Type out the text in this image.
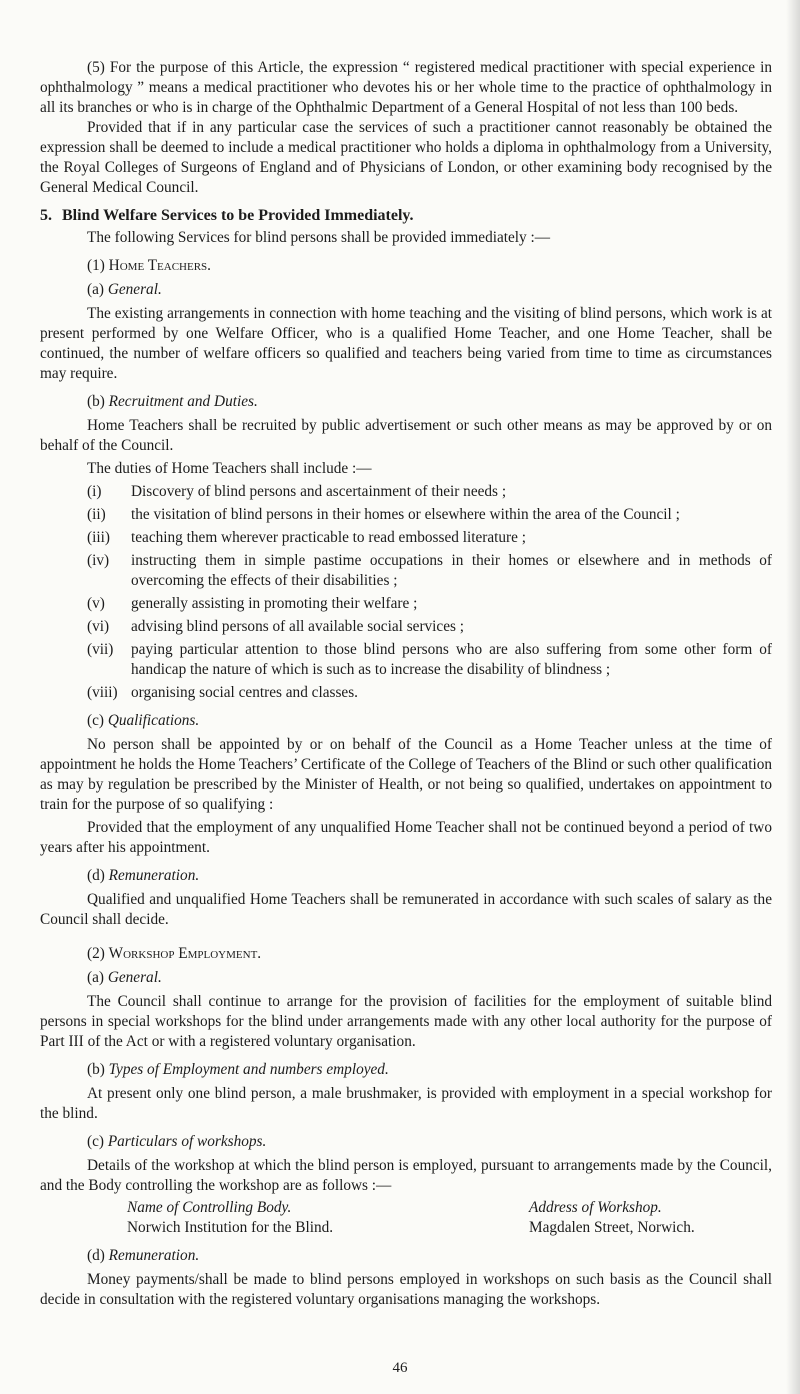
(5) For the purpose of this Article, the expression “ registered medical practitioner with special experience in ophthalmology ” means a medical practitioner who devotes his or her whole time to the practice of ophthalmology in all its branches or who is in charge of the Ophthalmic Department of a General Hospital of not less than 100 beds.

Provided that if in any particular case the services of such a practitioner cannot reasonably be obtained the expression shall be deemed to include a medical practitioner who holds a diploma in ophthalmology from a University, the Royal Colleges of Surgeons of England and of Physicians of London, or other examining body recognised by the General Medical Council.

5. Blind Welfare Services to be Provided Immediately.

The following Services for blind persons shall be provided immediately :—

(1) Home Teachers.

(a) General.

The existing arrangements in connection with home teaching and the visiting of blind persons, which work is at present performed by one Welfare Officer, who is a qualified Home Teacher, and one Home Teacher, shall be continued, the number of welfare officers so qualified and teachers being varied from time to time as circumstances may require.

(b) Recruitment and Duties.

Home Teachers shall be recruited by public advertisement or such other means as may be approved by or on behalf of the Council.

The duties of Home Teachers shall include :—

(i)	Discovery of blind persons and ascertainment of their needs ;
(ii)	the visitation of blind persons in their homes or elsewhere within the area of the Council ;
(iii)	teaching them wherever practicable to read embossed literature ;
(iv)	instructing them in simple pastime occupations in their homes or elsewhere and in methods of overcoming the effects of their disabilities ;
(v)	generally assisting in promoting their welfare ;
(vi)	advising blind persons of all available social services ;
(vii)	paying particular attention to those blind persons who are also suffering from some other form of handicap the nature of which is such as to increase the disability of blindness ;
(viii) organising social centres and classes.

(c) Qualifications.

No person shall be appointed by or on behalf of the Council as a Home Teacher unless at the time of appointment he holds the Home Teachers’ Certificate of the College of Teachers of the Blind or such other qualification as may by regulation be prescribed by the Minister of Health, or not being so qualified, undertakes on appointment to train for the purpose of so qualifying :

Provided that the employment of any unqualified Home Teacher shall not be continued beyond a period of two years after his appointment.

(d) Remuneration.

Qualified and unqualified Home Teachers shall be remunerated in accordance with such scales of salary as the Council shall decide.

(2) Workshop Employment.

(a) General.

The Council shall continue to arrange for the provision of facilities for the employment of suitable blind persons in special workshops for the blind under arrangements made with any other local authority for the purpose of Part III of the Act or with a registered voluntary organisation.

(b) Types of Employment and numbers employed.

At present only one blind person, a male brushmaker, is provided with employment in a special workshop for the blind.

(c) Particulars of workshops.

Details of the workshop at which the blind person is employed, pursuant to arrangements made by the Council, and the Body controlling the workshop are as follows :—

Name of Controlling Body.	Address of Workshop.
Norwich Institution for the Blind.	Magdalen Street, Norwich.

(d) Remuneration.

Money payments/shall be made to blind persons employed in workshops on such basis as the Council shall decide in consultation with the registered voluntary organisations managing the workshops.

46
